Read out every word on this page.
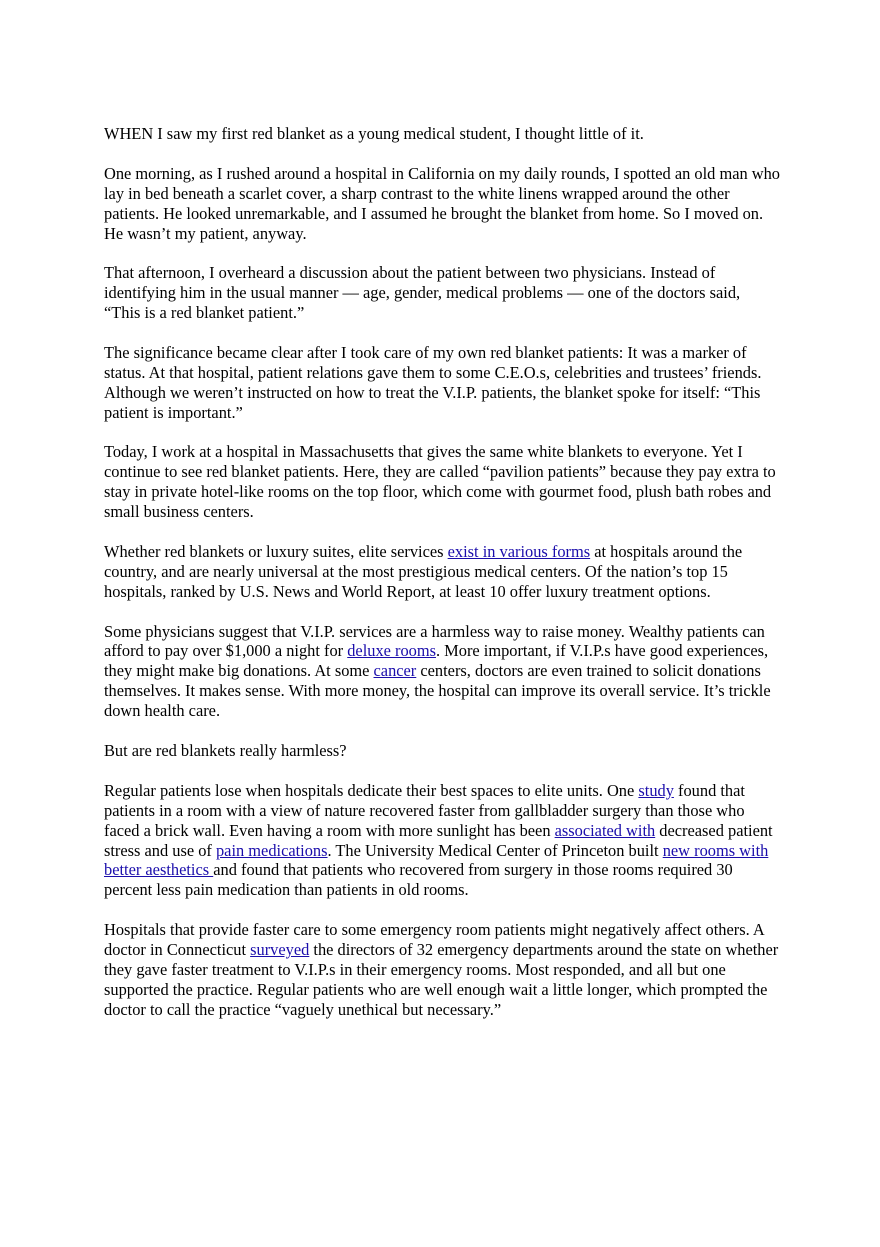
WHEN I saw my first red blanket as a young medical student, I thought little of it.

One morning, as I rushed around a hospital in California on my daily rounds, I spotted an old man who lay in bed beneath a scarlet cover, a sharp contrast to the white linens wrapped around the other patients. He looked unremarkable, and I assumed he brought the blanket from home. So I moved on. He wasn’t my patient, anyway.

That afternoon, I overheard a discussion about the patient between two physicians. Instead of identifying him in the usual manner — age, gender, medical problems — one of the doctors said, “This is a red blanket patient.”

The significance became clear after I took care of my own red blanket patients: It was a marker of status. At that hospital, patient relations gave them to some C.E.O.s, celebrities and trustees’ friends. Although we weren’t instructed on how to treat the V.I.P. patients, the blanket spoke for itself: “This patient is important.”

Today, I work at a hospital in Massachusetts that gives the same white blankets to everyone. Yet I continue to see red blanket patients. Here, they are called “pavilion patients” because they pay extra to stay in private hotel-like rooms on the top floor, which come with gourmet food, plush bath robes and small business centers.

Whether red blankets or luxury suites, elite services exist in various forms at hospitals around the country, and are nearly universal at the most prestigious medical centers. Of the nation’s top 15 hospitals, ranked by U.S. News and World Report, at least 10 offer luxury treatment options.

Some physicians suggest that V.I.P. services are a harmless way to raise money. Wealthy patients can afford to pay over $1,000 a night for deluxe rooms. More important, if V.I.P.s have good experiences, they might make big donations. At some cancer centers, doctors are even trained to solicit donations themselves. It makes sense. With more money, the hospital can improve its overall service. It’s trickle down health care.

But are red blankets really harmless?

Regular patients lose when hospitals dedicate their best spaces to elite units. One study found that patients in a room with a view of nature recovered faster from gallbladder surgery than those who faced a brick wall. Even having a room with more sunlight has been associated with decreased patient stress and use of pain medications. The University Medical Center of Princeton built new rooms with better aesthetics and found that patients who recovered from surgery in those rooms required 30 percent less pain medication than patients in old rooms.

Hospitals that provide faster care to some emergency room patients might negatively affect others. A doctor in Connecticut surveyed the directors of 32 emergency departments around the state on whether they gave faster treatment to V.I.P.s in their emergency rooms. Most responded, and all but one supported the practice. Regular patients who are well enough wait a little longer, which prompted the doctor to call the practice “vaguely unethical but necessary.”
